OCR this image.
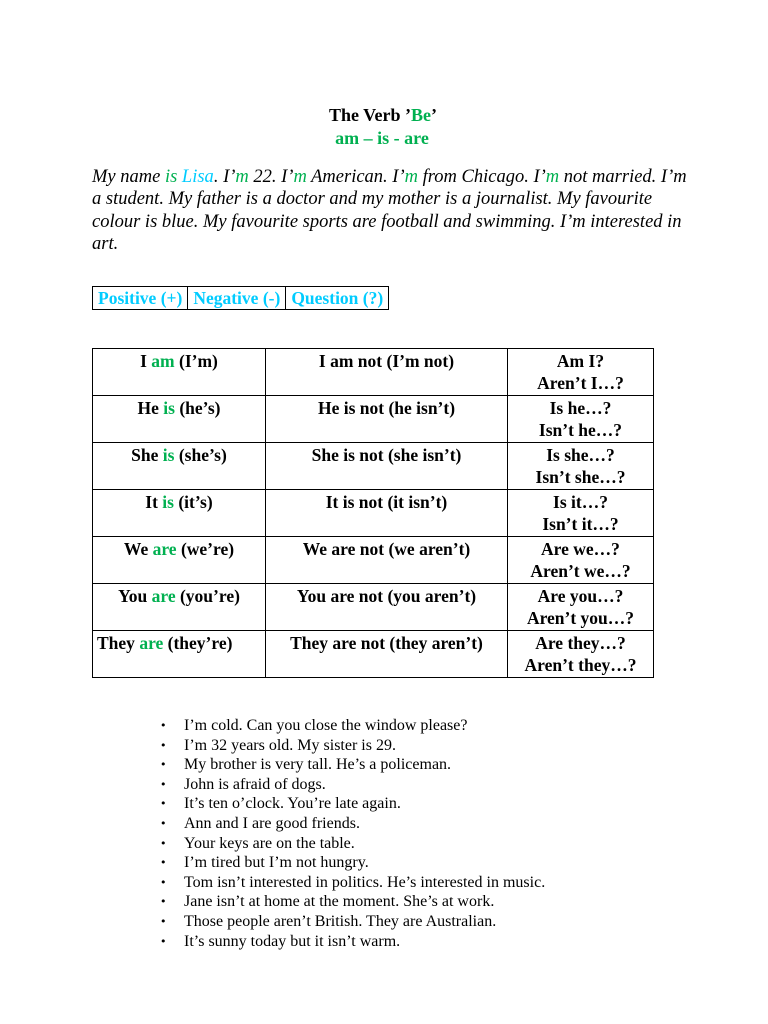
The Verb ’Be’
am – is - are

My name is Lisa. I’m 22. I’m American. I’m from Chicago. I’m not married. I’m a student. My father is a doctor and my mother is a journalist. My favourite colour is blue. My favourite sports are football and swimming. I’m interested in art.

Positive (+)	Negative (-)	Question (?)
I am (I’m)	I am not (I’m not)	Am I?
Aren’t I…?

He is (he’s)	He is not (he isn’t)	Is he…?
Isn’t he…?

She is (she’s)	She is not (she isn’t)	Is she…?
Isn’t she…?

It is (it’s)	It is not (it isn’t)	Is it…?
Isn’t it…?

We are (we’re)	We are not (we aren’t)	Are we…?
Aren’t we…?

You are (you’re)	You are not (you aren’t)	Are you…?
Aren’t you…?

They are (they’re)	They are not (they aren’t)	Are they…?
Aren’t they…?
• I’m cold. Can you close the window please?
• I’m 32 years old. My sister is 29.
• My brother is very tall. He’s a policeman.
• John is afraid of dogs.
• It’s ten o’clock. You’re late again.
• Ann and I are good friends.
• Your keys are on the table.
• I’m tired but I’m not hungry.
• Tom isn’t interested in politics. He’s interested in music.
• Jane isn’t at home at the moment. She’s at work.
• Those people aren’t British. They are Australian.
• It’s sunny today but it isn’t warm.
